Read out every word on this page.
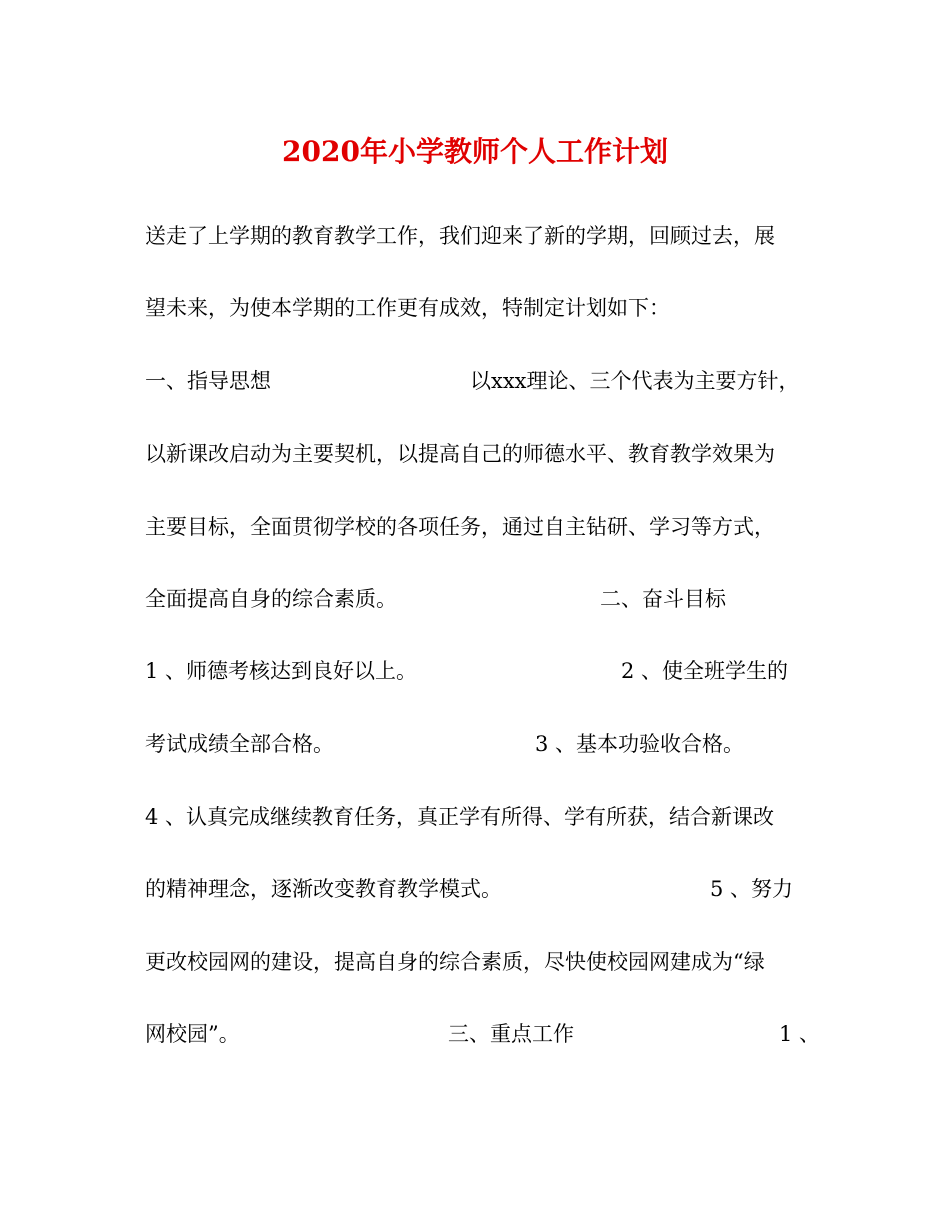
2020年小学教师个人工作计划
送走了上学期的教育教学工作，我们迎来了新的学期，回顾过去，展
望未来，为使本学期的工作更有成效，特制定计划如下：
一、指导思想	以xxx理论、三个代表为主要方针，
以新课改启动为主要契机，以提高自己的师德水平、教育教学效果为
主要目标，全面贯彻学校的各项任务，通过自主钻研、学习等方式，
全面提高自身的综合素质。	二、奋斗目标
1 、师德考核达到良好以上。	2 、使全班学生的
考试成绩全部合格。	3 、基本功验收合格。
4 、认真完成继续教育任务，真正学有所得、学有所获，结合新课改
的精神理念，逐渐改变教育教学模式。	5 、努力
更改校园网的建设，提高自身的综合素质，尽快使校园网建成为“绿
网校园”。	三、重点工作	1 、
